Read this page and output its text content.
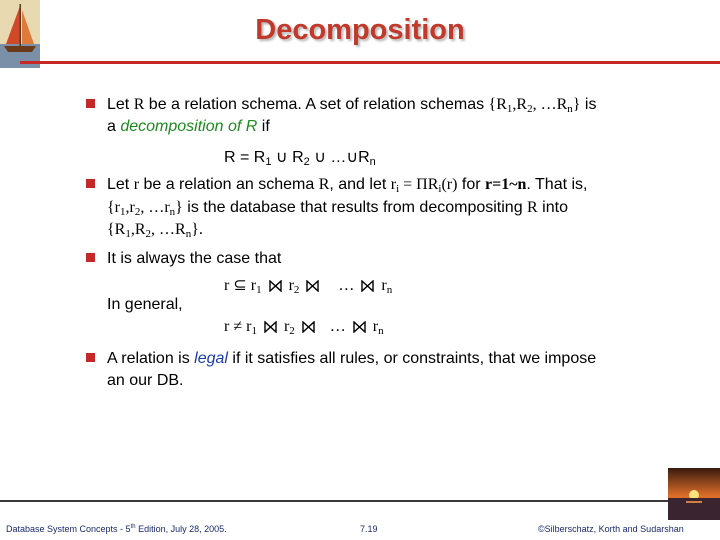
Decomposition
Let R be a relation schema. A set of relation schemas {$R_1,R_2$, $\dots R_n$} is
a decomposition of R if
$R = R_1$ ∪ $R_2$ ∪ $\dots\cup R_n$
Let r be a relation an schema R, and let $r_i = \Pi R_i(r)$ for r=1~n. That is,
{$r_1,r_2$, $\dots r_n$} is the database that results from decompositing R into
{$R_1,R_2$, $\dots R_n$}.
It is always the case that
r ⊆ $r_1$ $r_2$ … $r_n$
In general,
$r \ne r_1$ $r_2$ … $r_n$
A relation is legal if it satisfies all rules, or constraints, that we impose
an our DB.
Database System Concepts - 5th Edition, July 28, 2005.	7.19	©Silberschatz, Korth and Sudarshan
